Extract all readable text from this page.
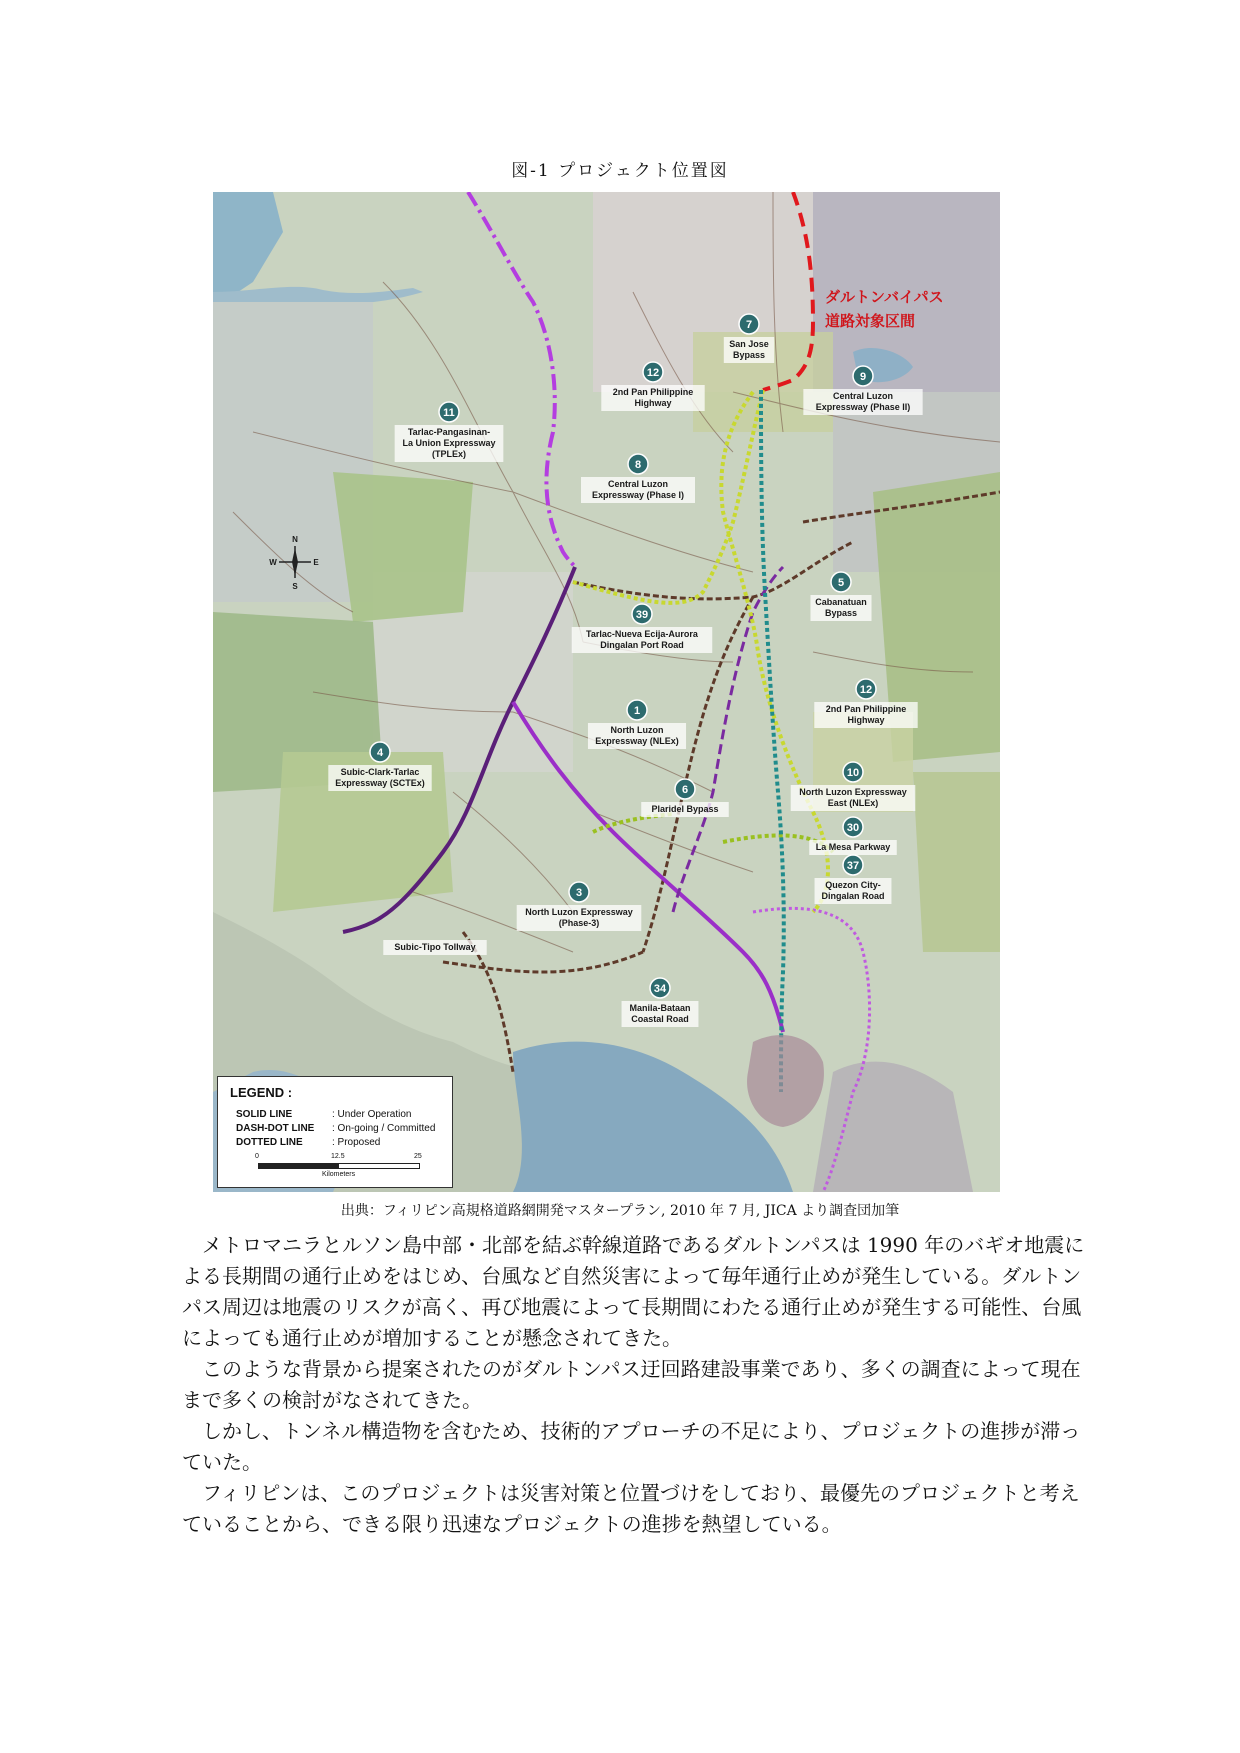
図-1 プロジェクト位置図
N
S
E
W
ダルトンバイパス
道路対象区間
7
San Jose
Bypass
12
2nd Pan Philippine
Highway
9
Central Luzon
Expressway (Phase II)
11
Tarlac-Pangasinan-
La Union Expressway
(TPLEx)
8
Central Luzon
Expressway (Phase I)
5
Cabanatuan
Bypass
39
Tarlac-Nueva Ecija-Aurora
Dingalan Port Road
12
2nd Pan Philippine
Highway
1
North Luzon
Expressway (NLEx)
4
Subic-Clark-Tarlac
Expressway (SCTEx)
6
Plaridel Bypass
10
North Luzon Expressway
East (NLEx)
30
La Mesa Parkway
37
Quezon City-
Dingalan Road
3
North Luzon Expressway
(Phase-3)
34
Manila-Bataan
Coastal Road
Subic-Tipo Tollway
LEGEND :
SOLID LINE	: Under Operation
DASH-DOT LINE : On-going / Committed
DOTTED LINE	: Proposed
0	12.5	25
Kilometers
出典：フィリピン高規格道路網開発マスタープラン, 2010 年 7 月, JICA より調査団加筆

メトロマニラとルソン島中部・北部を結ぶ幹線道路であるダルトンパスは 1990 年のバギオ地震による長期間の通行止めをはじめ、台風など自然災害によって毎年通行止めが発生している。ダルトンパス周辺は地震のリスクが高く、再び地震によって長期間にわたる通行止めが発生する可能性、台風によっても通行止めが増加することが懸念されてきた。

このような背景から提案されたのがダルトンパス迂回路建設事業であり、多くの調査によって現在まで多くの検討がなされてきた。

しかし、トンネル構造物を含むため、技術的アプローチの不足により、プロジェクトの進捗が滞っていた。

フィリピンは、このプロジェクトは災害対策と位置づけをしており、最優先のプロジェクトと考えていることから、できる限り迅速なプロジェクトの進捗を熱望している。
